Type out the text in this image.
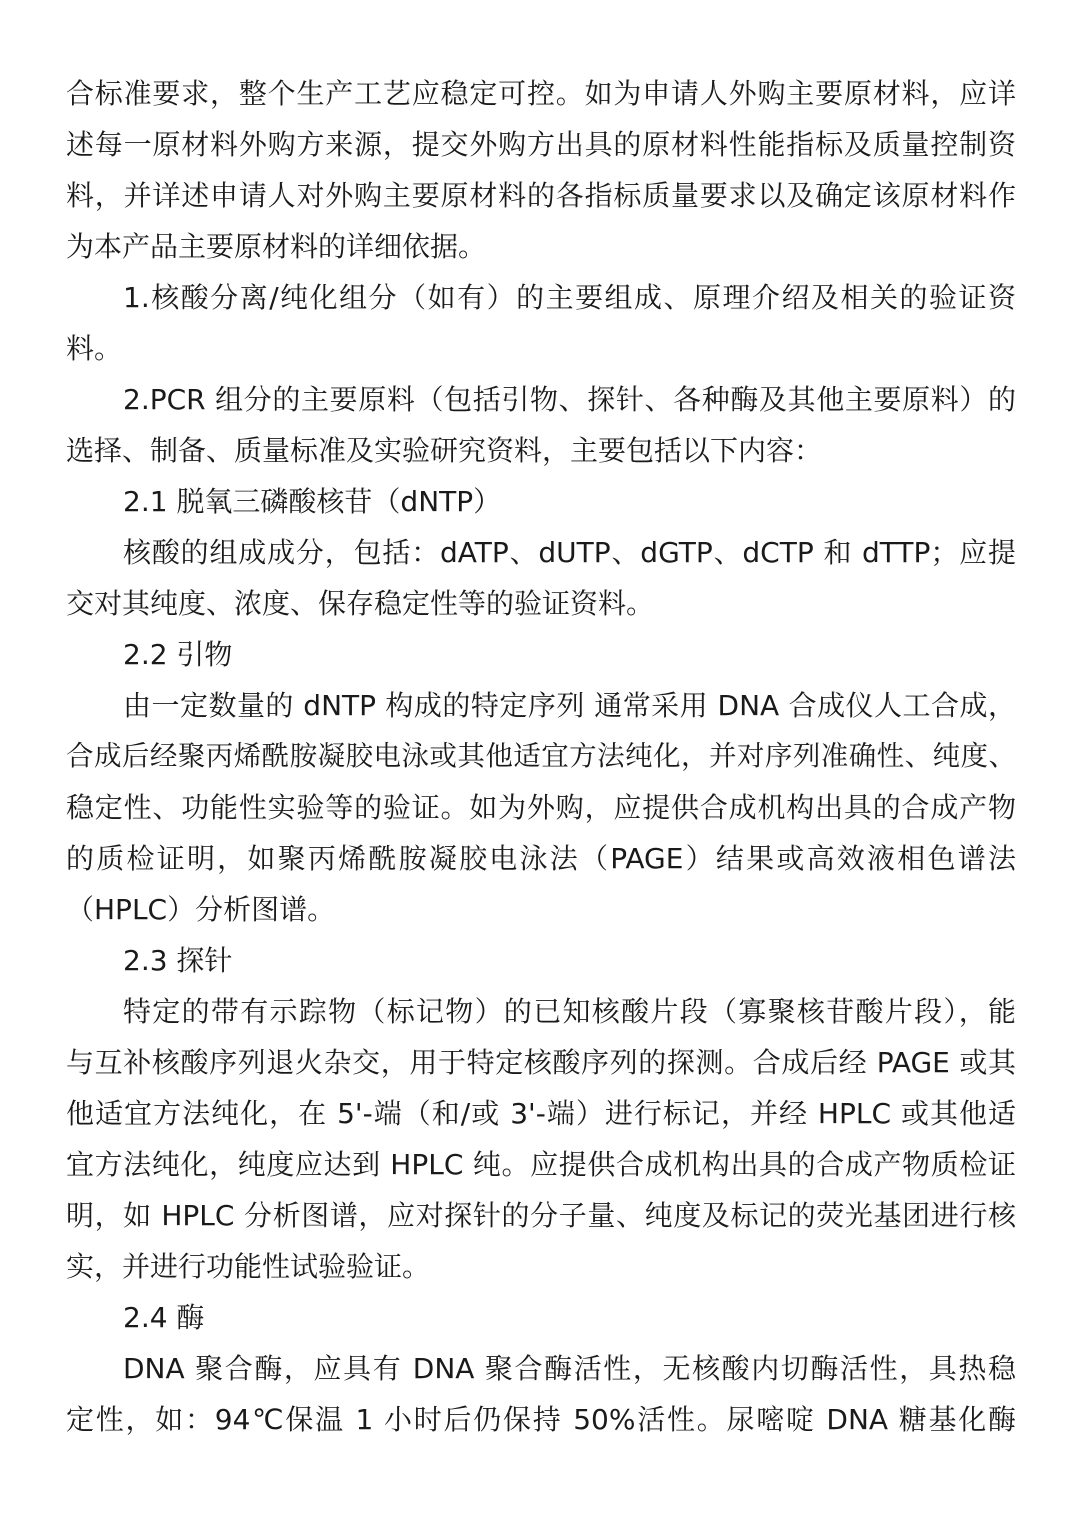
合标准要求，整个生产工艺应稳定可控。如为申请人外购主要原材料，应详
述每一原材料外购方来源，提交外购方出具的原材料性能指标及质量控制资
料，并详述申请人对外购主要原材料的各指标质量要求以及确定该原材料作
为本产品主要原材料的详细依据。
1.核酸分离/纯化组分（如有）的主要组成、原理介绍及相关的验证资
料。
2.PCR 组分的主要原料（包括引物、探针、各种酶及其他主要原料）的
选择、制备、质量标准及实验研究资料，主要包括以下内容：
2.1 脱氧三磷酸核苷（dNTP）
核酸的组成成分，包括：dATP、dUTP、dGTP、dCTP 和 dTTP；应提
交对其纯度、浓度、保存稳定性等的验证资料。
2.2 引物
由一定数量的 dNTP 构成的特定序列 通常采用 DNA 合成仪人工合成，
合成后经聚丙烯酰胺凝胶电泳或其他适宜方法纯化，并对序列准确性、纯度、
稳定性、功能性实验等的验证。如为外购，应提供合成机构出具的合成产物
的质检证明，如聚丙烯酰胺凝胶电泳法（PAGE）结果或高效液相色谱法
（HPLC）分析图谱。
2.3 探针
特定的带有示踪物（标记物）的已知核酸片段（寡聚核苷酸片段），能
与互补核酸序列退火杂交，用于特定核酸序列的探测。合成后经 PAGE 或其
他适宜方法纯化，在 5'-端（和/或 3'-端）进行标记，并经 HPLC 或其他适
宜方法纯化，纯度应达到 HPLC 纯。应提供合成机构出具的合成产物质检证
明，如 HPLC 分析图谱，应对探针的分子量、纯度及标记的荧光基团进行核
实，并进行功能性试验验证。
2.4 酶
DNA 聚合酶，应具有 DNA 聚合酶活性，无核酸内切酶活性，具热稳
定性，如：94℃保温 1 小时后仍保持 50%活性。尿嘧啶 DNA 糖基化酶
